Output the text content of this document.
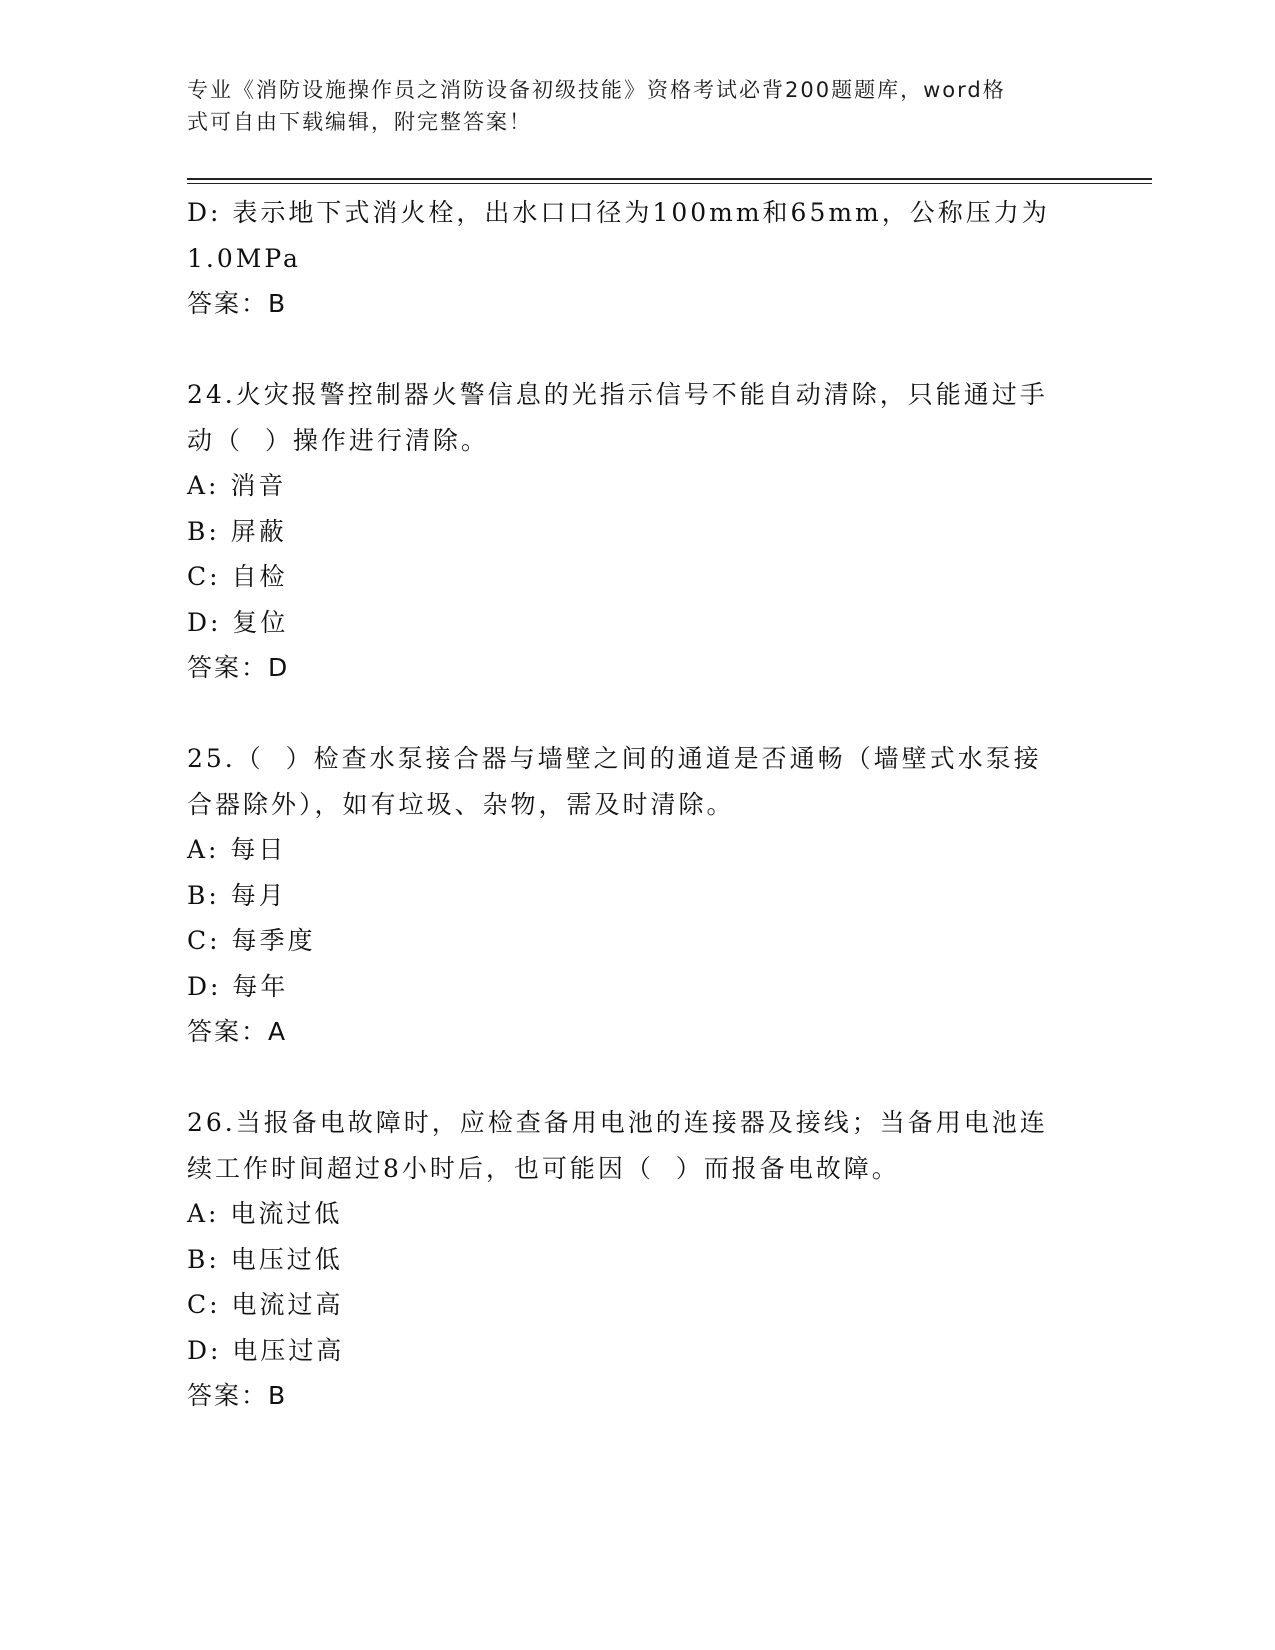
专业《消防设施操作员之消防设备初级技能》资格考试必背200题题库，word格
式可自由下载编辑，附完整答案！
D: 表示地下式消火栓，出水口口径为100mm和65mm，公称压力为
1.0MPa
答案：B
24.火灾报警控制器火警信息的光指示信号不能自动清除，只能通过手
动（  ）操作进行清除。
A: 消音
B: 屏蔽
C: 自检
D: 复位
答案：D
25.（  ）检查水泵接合器与墙壁之间的通道是否通畅（墙壁式水泵接
合器除外），如有垃圾、杂物，需及时清除。
A: 每日
B: 每月
C: 每季度
D: 每年
答案：A
26.当报备电故障时，应检查备用电池的连接器及接线；当备用电池连
续工作时间超过8小时后，也可能因（  ）而报备电故障。
A: 电流过低
B: 电压过低
C: 电流过高
D: 电压过高
答案：B
